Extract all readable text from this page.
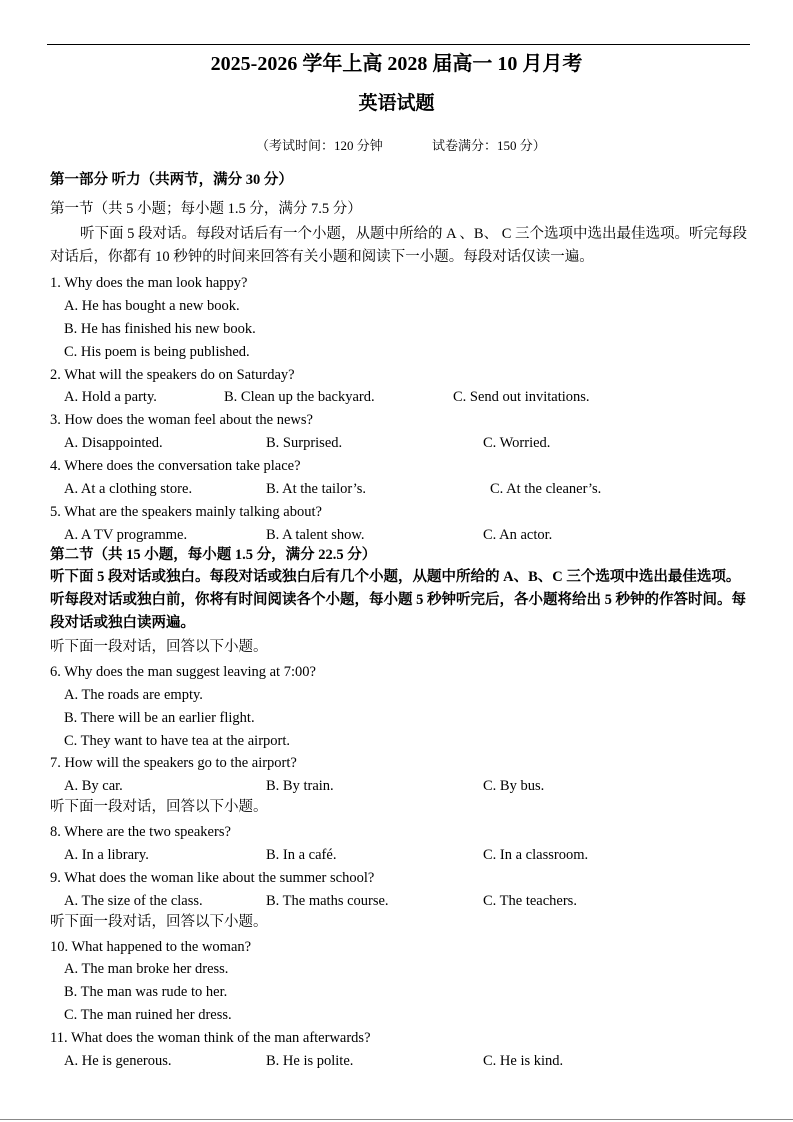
2025-2026 学年上高 2028 届高一 10 月月考
英语试题
（考试时间：120 分钟	试卷满分：150 分）
第一部分 听力（共两节，满分 30 分）
第一节（共 5 小题；每小题 1.5 分，满分 7.5 分）
听下面 5 段对话。每段对话后有一个小题，从题中所给的 A 、B、 C 三个选项中选出最佳选项。听完每段对话后，你都有 10 秒钟的时间来回答有关小题和阅读下一小题。每段对话仅读一遍。
1. Why does the man look happy?
A. He has bought a new book.
B. He has finished his new book.
C. His poem is being published.
2. What will the speakers do on Saturday?
A. Hold a party.	B. Clean up the backyard.	C. Send out invitations.
3. How does the woman feel about the news?
A. Disappointed.	B. Surprised.	C. Worried.
4. Where does the conversation take place?
A. At a clothing store.	B. At the tailor’s.	C. At the cleaner’s.
5. What are the speakers mainly talking about?
A. A TV programme.	B. A talent show.	C. An actor.
第二节（共 15 小题，每小题 1.5 分，满分 22.5 分）
听下面 5 段对话或独白。每段对话或独白后有几个小题，从题中所给的 A、B、C 三个选项中选出最佳选项。听每段对话或独白前，你将有时间阅读各个小题，每小题 5 秒钟听完后，各小题将给出 5 秒钟的作答时间。每段对话或独白读两遍。
听下面一段对话，回答以下小题。
6. Why does the man suggest leaving at 7:00?
A. The roads are empty.
B. There will be an earlier flight.
C. They want to have tea at the airport.
7. How will the speakers go to the airport?
A. By car.	B. By train.	C. By bus.
听下面一段对话，回答以下小题。
8. Where are the two speakers?
A. In a library.	B. In a café.	C. In a classroom.
9. What does the woman like about the summer school?
A. The size of the class.	B. The maths course.	C. The teachers.
听下面一段对话，回答以下小题。
10. What happened to the woman?
A. The man broke her dress.
B. The man was rude to her.
C. The man ruined her dress.
11. What does the woman think of the man afterwards?
A. He is generous.	B. He is polite.	C. He is kind.
